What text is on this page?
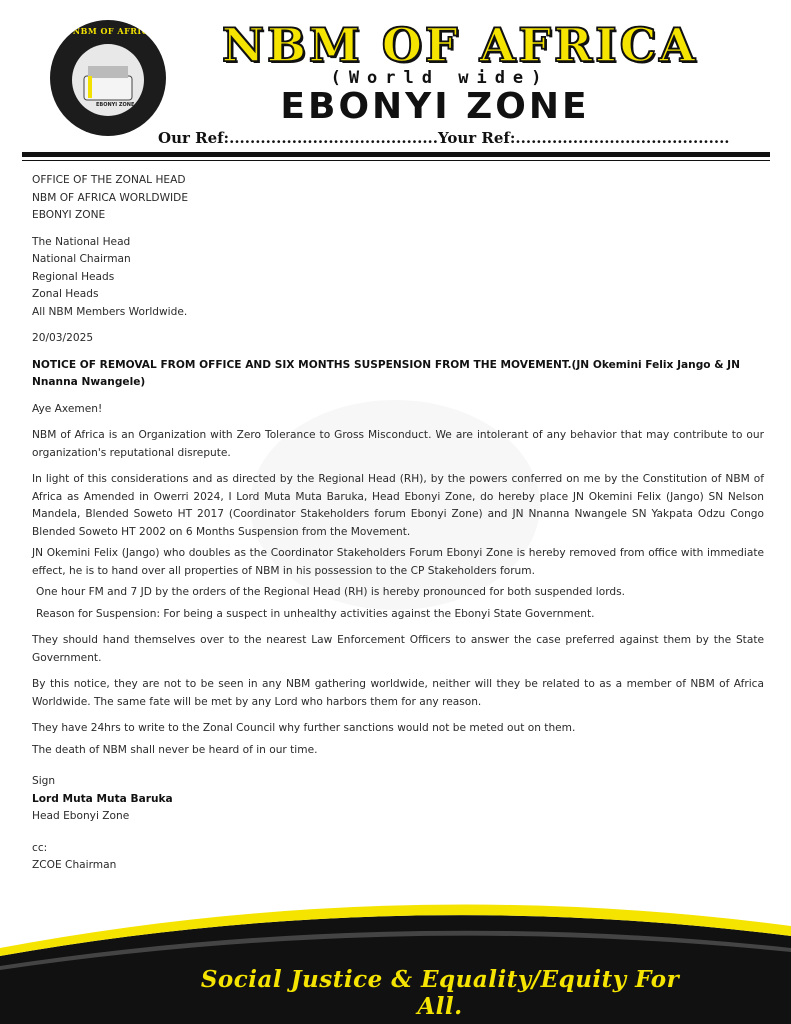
NBM OF AFRICA
EBONYI ZONE
NBM OF AFRICA
(World wide)
EBONYI ZONE
Our Ref:........................................Your Ref:.........................................
OFFICE OF THE ZONAL HEAD
NBM OF AFRICA WORLDWIDE
EBONYI ZONE
The National Head
National Chairman
Regional Heads
Zonal Heads
All NBM Members Worldwide.

20/03/2025

NOTICE OF REMOVAL FROM OFFICE AND SIX MONTHS SUSPENSION FROM THE MOVEMENT.(JN Okemini Felix Jango & JN Nnanna Nwangele)

Aye Axemen!

NBM of Africa is an Organization with Zero Tolerance to Gross Misconduct. We are intolerant of any behavior that may contribute to our organization's reputational disrepute.

In light of this considerations and as directed by the Regional Head (RH), by the powers conferred on me by the Constitution of NBM of Africa as Amended in Owerri 2024, I Lord Muta Muta Baruka, Head Ebonyi Zone, do hereby place JN Okemini Felix (Jango) SN Nelson Mandela, Blended Soweto HT 2017 (Coordinator Stakeholders forum Ebonyi Zone) and JN Nnanna Nwangele SN Yakpata Odzu Congo Blended Soweto HT 2002 on 6 Months Suspension from the Movement.

JN Okemini Felix (Jango) who doubles as the Coordinator Stakeholders Forum Ebonyi Zone is hereby removed from office with immediate effect, he is to hand over all properties of NBM in his possession to the CP Stakeholders forum.

One hour FM and 7 JD by the orders of the Regional Head (RH) is hereby pronounced for both suspended lords.

Reason for Suspension: For being a suspect in unhealthy activities against the Ebonyi State Government.

They should hand themselves over to the nearest Law Enforcement Officers to answer the case preferred against them by the State Government.

By this notice, they are not to be seen in any NBM gathering worldwide, neither will they be related to as a member of NBM of Africa Worldwide. The same fate will be met by any Lord who harbors them for any reason.

They have 24hrs to write to the Zonal Council why further sanctions would not be meted out on them.

The death of NBM shall never be heard of in our time.

Sign
Lord Muta Muta Baruka
Head Ebonyi Zone
cc:
ZCOE Chairman
Social Justice & Equality/Equity For All.
